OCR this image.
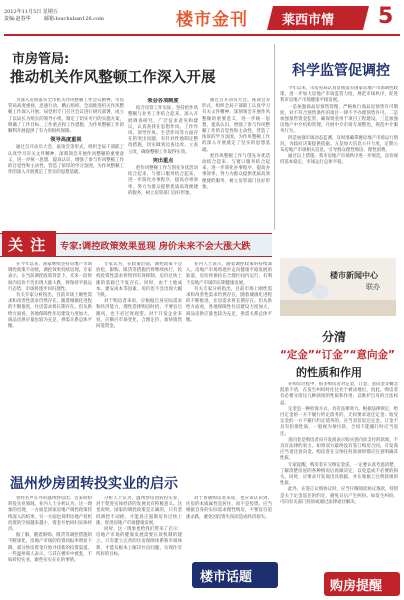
2012年11月5日 星期五
责编:赵春华	邮箱:louchuban126.com	楼市金刊	莱西市情 5
市房管局:
推动机关作风整顿工作深入开展

为深入贯彻落实全市机关作风整顿工作会议精神，市房管局高度重视，迅速行动，精心组织，全面推进机关作风整顿工作深入开展。局党组专门召开会议进行研究部署，成立了以局长为组长的领导小组，制定了切实可行的实施方案，明确了工作目标、工作重点和工作措施，为作风整顿工作的顺利开展提供了有力的组织保障。

领导高度重视

通过召开动员大会、座谈会等形式，组织全局干部职工认真学习有关文件精神，深刻领会开展作风整顿的重要意义，进一步统一思想，提高认识，增强了参与作风整顿工作的自觉性和主动性，营造了浓厚的学习氛围，为作风整顿工作的深入开展奠定了坚实的思想基础。

领会各项制度

结合房管工作实际，坚持把作风整顿与业务工作结合起来，深入开展调查研究，广泛征求意见和建议，认真查找在思想作风、工作作风、领导作风、生活作风等方面存在的突出问题，有针对性地制定整改措施，切实做到边查边改、立查立改，确保整顿工作取得实效。

突出重点

把作风整顿工作与创先争优活动结合起来，与窗口服务结合起来，进一步简化办事程序，提高办事效率，努力为群众提供优质高效便捷的服务，树立房管部门良好形象。

通过召开动员大会、座谈会等形式，组织全局干部职工认真学习有关文件精神，深刻领会开展作风整顿的重要意义，进一步统一思想，提高认识，增强了参与作风整顿工作的自觉性和主动性，营造了浓厚的学习氛围，为作风整顿工作的深入开展奠定了坚实的思想基础。

把作风整顿工作与创先争优活动结合起来，与窗口服务结合起来，进一步简化办事程序，提高办事效率，努力为群众提供优质高效便捷的服务，树立房管部门良好形象。

科学监管促调控

今年以来，市房管局认真贯彻落实国家房地产市场调控政策，进一步加大房地产市场监管力度，规范市场秩序，促进我市房地产市场健康平稳发展。

一是加强商品房预售管理，严格执行商品房预售许可制度，对不符合预售条件的项目一律不予办理预售许可。二是加强预售资金监管，确保资金用于项目工程建设。三是加强房地产中介机构管理，开展中介市场专项整治，规范中介服务行为。

四是加强市场动态监测，及时准确掌握房地产市场运行情况，为政府决策提供依据。五是加大信息公开力度，定期公布房地产市场相关信息，引导群众理性购房、理性消费。

通过以上措施，我市房地产市场秩序进一步规范，房价保持基本稳定，市场运行总体平稳。

关 注 专家:调控政策效果显现 房价未来不会大涨大跌

在今年以来，国家继续坚持房地产市场调控政策不动摇，调控效果持续显现。专家表示，在当前调控政策背景下，未来一段时间内房价不会出现大涨大跌，将保持平稳运行态势，市场将逐步回归理性。

有关专家分析指出，目前市场上刚性需求和改善性需求仍然存在，随着城镇化进程的不断推进，住房需求将长期存在。但从供给方面看，各地保障性住房建设力度加大，商品房供应量也较为充足，供需关系总体平衡。

专家认为，在政策层面，调控政策不会放松，限购、限贷等措施仍将继续执行，投机投资性需求将得到有效抑制，房价过快上涨的基础已不复存在。同时，由于土地成本、建安成本等因素，房价也不会出现大幅下跌。

对于购房者来说，应根据自身实际需求和经济能力，理性选择购房时机，不要盲目跟风，也不必过度观望。对于开发企业来说，应顺应市场变化，合理定价，加快销售回笼资金。

业内人士表示，随着调控政策的持续深入，房地产市场将逐步走向健康平稳发展的轨道，房价将保持在合理区间内运行，有利于房地产市场的长期健康发展。

有关专家分析指出，目前市场上刚性需求和改善性需求仍然存在，随着城镇化进程的不断推进，住房需求将长期存在。但从供给方面看，各地保障性住房建设力度加大，商品房供应量也较为充足，供需关系总体平衡。

楼市新闻中心
联办
分清
“定金”“订金”“意向金”
的性质和作用

在购房过程中，很多购房者对定金、订金、意向金等概念混淆不清，在发生纠纷时往往处于被动地位。因此，购房者有必要分清这几种款项的性质和作用，以维护自身的合法权益。

定金是一种担保方式，具有法律效力。根据法律规定，给付定金的一方不履行约定债务的，无权要求返还定金；收受定金的一方不履行约定债务的，应当双倍返还定金。订金不具有担保性质，一般视为预付款，合同不能履行时应当返还。

意向金是购房者向开发商表示购买意向而支付的款项，不具有法律约束力。如果双方最终没有签订购房合同，开发商应当退还意向金。购房者在交纳任何款项时都应注意明确其性质。

专家提醒，购房者在交纳定金前，一定要认真考虑清楚，了解清楚房屋的各种情况后再做决定，以免造成不必要的损失。同时，应要求开发商出具收据，并在收据上注明款项的性质。

此外，在签订认购协议时，应当仔细阅读协议条款，特别是关于定金返还的约定，避免日后产生纠纷。如发生纠纷，可向有关部门投诉或通过法律途径解决。

温州炒房团转投实业的启示

曾经名声在外的温州炒房团，近来纷纷转投实业领域。业内人士分析认为，这一现象的出现，一方面是国家房地产调控政策持续深入的结果，另一方面也说明房地产投机投资的空间越来越小，资金开始回归实体经济。

据了解，随着限购、限贷等调控措施的不断深化，房地产市场的投资回报率明显下降，部分炒房资金开始寻找新的投资渠道。一些温州商人表示，与其在楼市中被套，不如转投实业，做些实实在在的事情。

分析人士认为，温州炒房团转投实业，对于促进实体经济的发展具有积极意义。这也说明，国家的调控政策是正确的，只有坚持调控不动摇，才能真正遏制房价过快上涨，促进房地产市场健康发展。

同时，这一现象也给我们带来了启示：房地产市场的健康发展需要长效机制的建立。只有建立完善的住房保障体系和市场体系，才能从根本上解决住房问题，实现住有所居的目标。

对于普通购房者来说，也应该认识到，住房的本质属性是居住，而不是投资。应当根据自身的实际需求理性购房，不要盲目追涨杀跌，避免因投资失误而造成经济损失。

楼市话题
购房提醒
